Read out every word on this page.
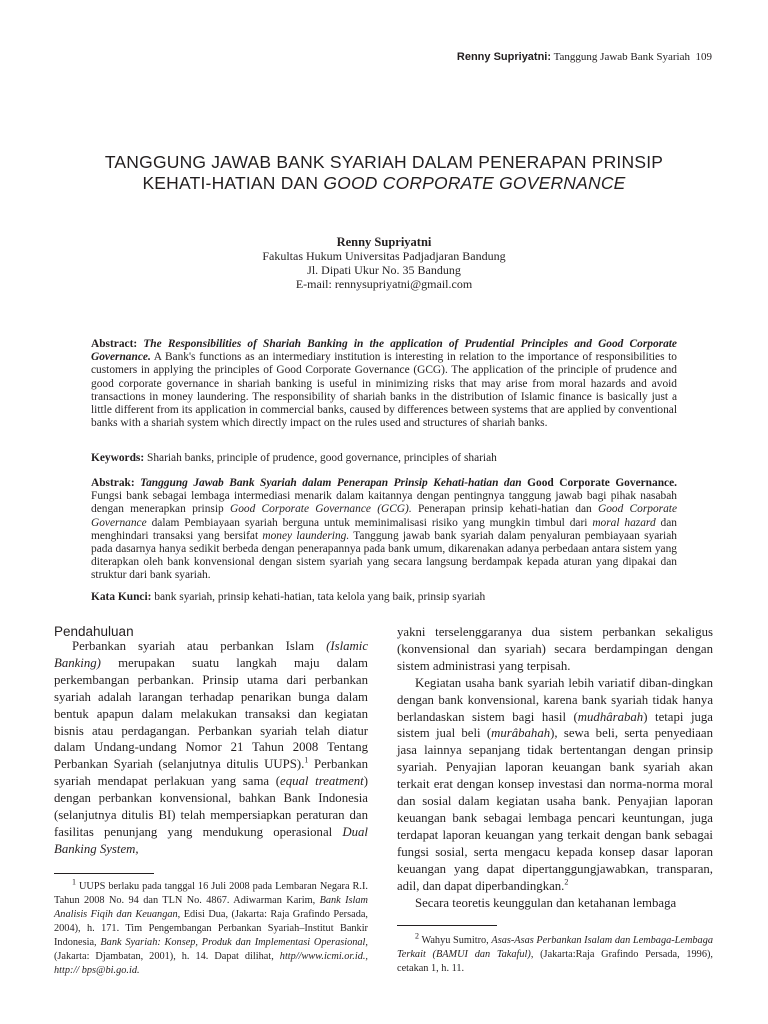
Renny Supriyatni: Tanggung Jawab Bank Syariah 109
TANGGUNG JAWAB BANK SYARIAH DALAM PENERAPAN PRINSIP
KEHATI-HATIAN DAN GOOD CORPORATE GOVERNANCE
Renny Supriyatni
Fakultas Hukum Universitas Padjadjaran Bandung
Jl. Dipati Ukur No. 35 Bandung
E-mail: rennysupriyatni@gmail.com
Abstract: The Responsibilities of Shariah Banking in the application of Prudential Principles and Good Corporate Governance. A Bank's functions as an intermediary institution is interesting in relation to the importance of responsibilities to customers in applying the principles of Good Corporate Governance (GCG). The application of the principle of prudence and good corporate governance in shariah banking is useful in minimizing risks that may arise from moral hazards and avoid transactions in money laundering. The responsibility of shariah banks in the distribution of Islamic finance is basically just a little different from its application in commercial banks, caused by differences between systems that are applied by conventional banks with a shariah system which directly impact on the rules used and structures of shariah banks.
Keywords: Shariah banks, principle of prudence, good governance, principles of shariah
Abstrak: Tanggung Jawab Bank Syariah dalam Penerapan Prinsip Kehati-hatian dan Good Corporate Governance. Fungsi bank sebagai lembaga intermediasi menarik dalam kaitannya dengan pentingnya tanggung jawab bagi pihak nasabah dengan menerapkan prinsip Good Corporate Governance (GCG). Penerapan prinsip kehati-hatian dan Good Corporate Governance dalam Pembiayaan syariah berguna untuk meminimalisasi risiko yang mungkin timbul dari moral hazard dan menghindari transaksi yang bersifat money laundering. Tanggung jawab bank syariah dalam penyaluran pembiayaan syariah pada dasarnya hanya sedikit berbeda dengan penerapannya pada bank umum, dikarenakan adanya perbedaan antara sistem yang diterapkan oleh bank konvensional dengan sistem syariah yang secara langsung berdampak kepada aturan yang dipakai dan struktur dari bank syariah.
Kata Kunci: bank syariah, prinsip kehati-hatian, tata kelola yang baik, prinsip syariah
Pendahuluan

Perbankan syariah atau perbankan Islam (Islamic Banking) merupakan suatu langkah maju dalam perkembangan perbankan. Prinsip utama dari perbankan syariah adalah larangan terhadap penarikan bunga dalam bentuk apapun dalam melakukan transaksi dan kegiatan bisnis atau perdagangan. Perbankan syariah telah diatur dalam Undang-undang Nomor 21 Tahun 2008 Tentang Perbankan Syariah (selanjutnya ditulis UUPS).$^1$ Perbankan syariah mendapat perlakuan yang sama (equal treatment) dengan perbankan konvensional, bahkan Bank Indonesia (selanjutnya ditulis BI) telah mempersiapkan peraturan dan fasilitas penunjang yang mendukung operasional Dual Banking System,

yakni terselenggaranya dua sistem perbankan sekaligus (konvensional dan syariah) secara berdampingan dengan sistem administrasi yang terpisah.

Kegiatan usaha bank syariah lebih variatif diban-dingkan dengan bank konvensional, karena bank syariah tidak hanya berlandaskan sistem bagi hasil (mudhârabah) tetapi juga sistem jual beli (murâbahah), sewa beli, serta penyediaan jasa lainnya sepanjang tidak bertentangan dengan prinsip syariah. Penyajian laporan keuangan bank syariah akan terkait erat dengan konsep investasi dan norma-norma moral dan sosial dalam kegiatan usaha bank. Penyajian laporan keuangan bank sebagai lembaga pencari keuntungan, juga terdapat laporan keuangan yang terkait dengan bank sebagai fungsi sosial, serta mengacu kepada konsep dasar laporan keuangan yang dapat dipertanggungjawabkan, transparan, adil, dan dapat diperbandingkan.$^2$

Secara teoretis keunggulan dan ketahanan lembaga

$^1$ UUPS berlaku pada tanggal 16 Juli 2008 pada Lembaran Negara R.I. Tahun 2008 No. 94 dan TLN No. 4867. Adiwarman Karim, Bank Islam Analisis Fiqih dan Keuangan, Edisi Dua, (Jakarta: Raja Grafindo Persada, 2004), h. 171. Tim Pengembangan Perbankan Syariah–Institut Bankir Indonesia, Bank Syariah: Konsep, Produk dan Implementasi Operasional, (Jakarta: Djambatan, 2001), h. 14. Dapat dilihat, http//www.icmi.or.id., http:// bps@bi.go.id.

$^2$ Wahyu Sumitro, Asas-Asas Perbankan Isalam dan Lembaga-Lembaga Terkait (BAMUI dan Takaful), (Jakarta:Raja Grafindo Persada, 1996), cetakan 1, h. 11.
